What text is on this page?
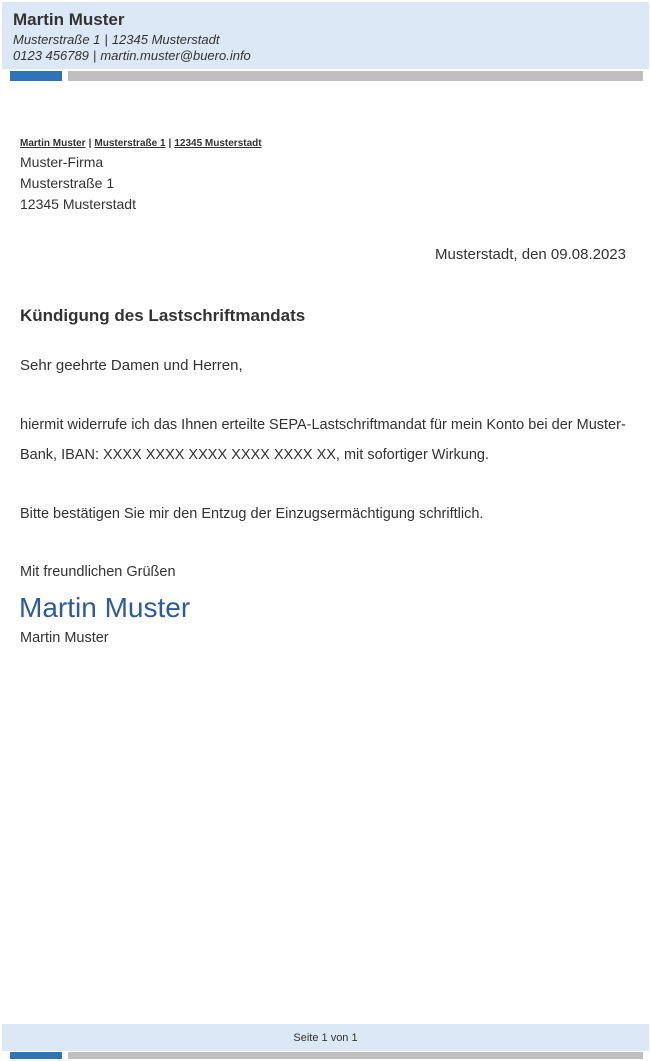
Martin Muster
Musterstraße 1 | 12345 Musterstadt
0123 456789 | martin.muster@buero.info
Martin Muster | Musterstraße 1 | 12345 Musterstadt
Muster-Firma
Musterstraße 1
12345 Musterstadt
Musterstadt, den 09.08.2023
Kündigung des Lastschriftmandats
Sehr geehrte Damen und Herren,
hiermit widerrufe ich das Ihnen erteilte SEPA-Lastschriftmandat für mein Konto bei der Muster-Bank, IBAN: XXXX XXXX XXXX XXXX XXXX XX, mit sofortiger Wirkung.
Bitte bestätigen Sie mir den Entzug der Einzugsermächtigung schriftlich.
Mit freundlichen Grüßen
Martin Muster
Martin Muster
Seite 1 von 1
